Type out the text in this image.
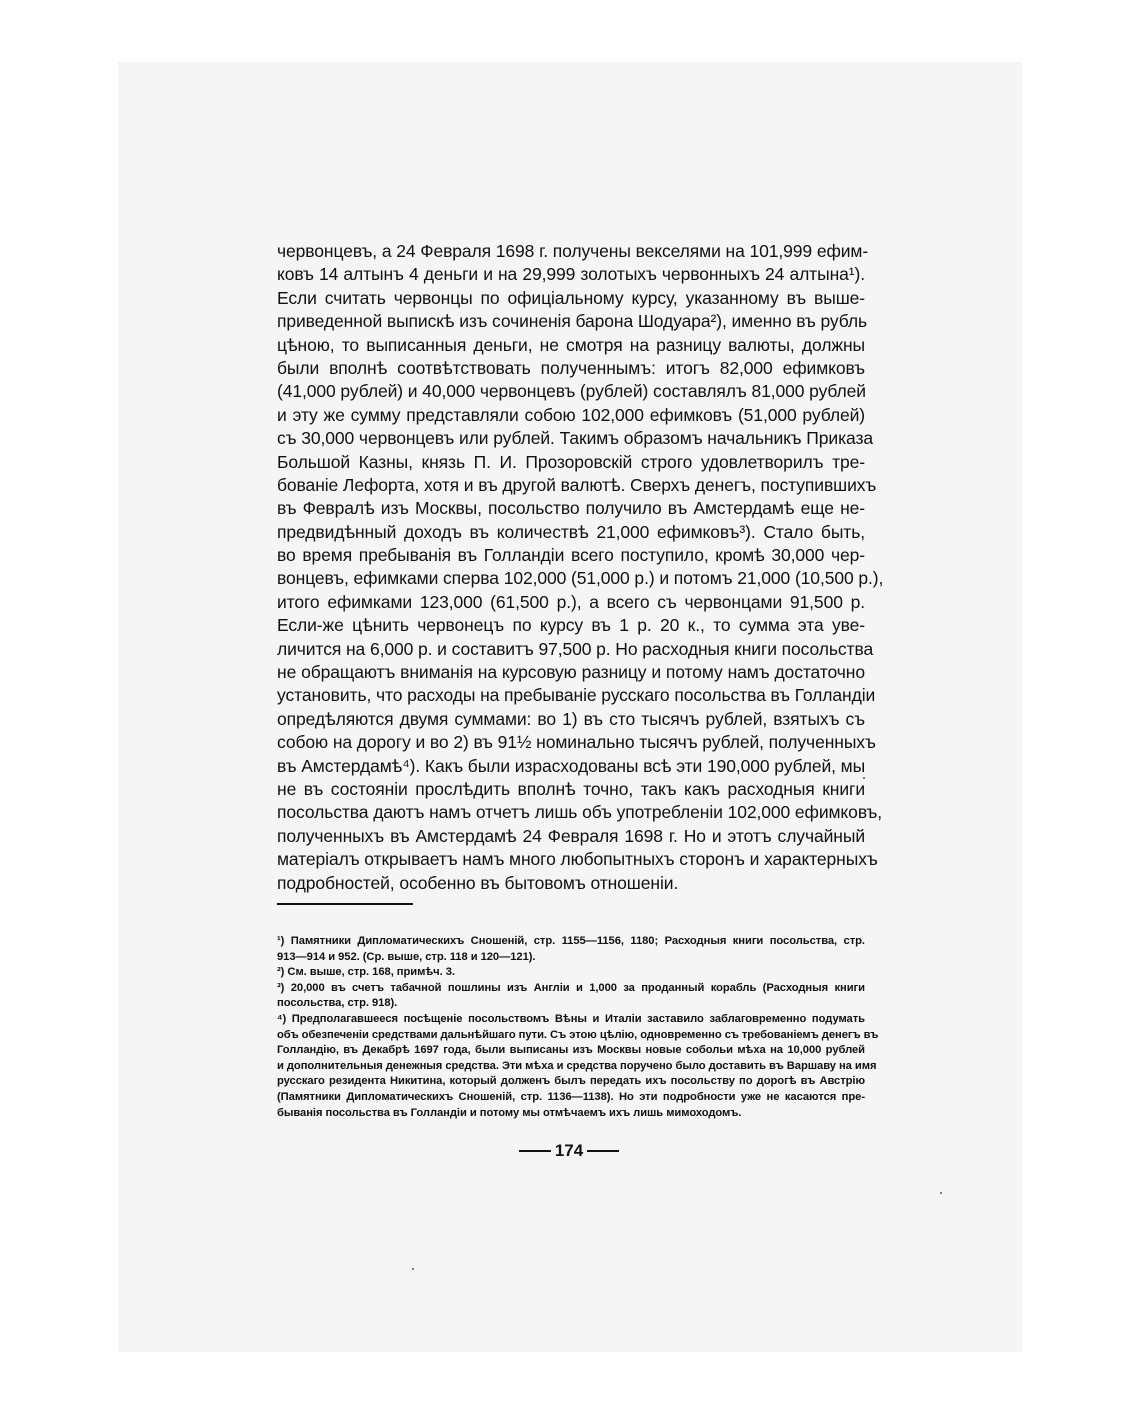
червонцевъ, а 24 Февраля 1698 г. получены векселями на 101,999 ефим-
ковъ 14 алтынъ 4 деньги и на 29,999 золотыхъ червонныхъ 24 алтына¹).
Если считать червонцы по офиціальному курсу, указанному въ выше-
приведенной выпискѣ изъ сочиненія барона Шодуара²), именно въ рубль
цѣною, то выписанныя деньги, не смотря на разницу валюты, должны
были вполнѣ соотвѣтствовать полученнымъ: итогъ 82,000 ефимковъ
(41,000 рублей) и 40,000 червонцевъ (рублей) составлялъ 81,000 рублей
и эту же сумму представляли собою 102,000 ефимковъ (51,000 рублей)
съ 30,000 червонцевъ или рублей. Такимъ образомъ начальникъ Приказа
Большой Казны, князь П. И. Прозоровскій строго удовлетворилъ тре-
бованіе Лефорта, хотя и въ другой валютѣ. Сверхъ денегъ, поступившихъ
въ Февралѣ изъ Москвы, посольство получило въ Амстердамѣ еще не-
предвидѣнный доходъ въ количествѣ 21,000 ефимковъ³). Стало быть,
во время пребыванія въ Голландіи всего поступило, кромѣ 30,000 чер-
вонцевъ, ефимками сперва 102,000 (51,000 р.) и потомъ 21,000 (10,500 р.),
итого ефимками 123,000 (61,500 р.), а всего съ червонцами 91,500 р.
Если-же цѣнить червонецъ по курсу въ 1 р. 20 к., то сумма эта уве-
личится на 6,000 р. и составитъ 97,500 р. Но расходныя книги посольства
не обращаютъ вниманія на курсовую разницу и потому намъ достаточно
установить, что расходы на пребываніе русскаго посольства въ Голландіи
опредѣляются двумя суммами: во 1) въ сто тысячъ рублей, взятыхъ съ
собою на дорогу и во 2) въ 91½ номинально тысячъ рублей, полученныхъ
въ Амстердамѣ⁴). Какъ были израсходованы всѣ эти 190,000 рублей, мы
не въ состояніи прослѣдить вполнѣ точно, такъ какъ расходныя книги
посольства даютъ намъ отчетъ лишь объ употребленіи 102,000 ефимковъ,
полученныхъ въ Амстердамѣ 24 Февраля 1698 г. Но и этотъ случайный
матеріалъ открываетъ намъ много любопытныхъ сторонъ и характерныхъ
подробностей, особенно въ бытовомъ отношеніи.
¹) Памятники Дипломатическихъ Сношеній, стр. 1155—1156, 1180; Расходныя книги посольства, стр.
913—914 и 952. (Ср. выше, стр. 118 и 120—121).
²) См. выше, стр. 168, примѣч. 3.
³) 20,000 въ счетъ табачной пошлины изъ Англіи и 1,000 за проданный корабль (Расходныя книги
посольства, стр. 918).
⁴) Предполагавшееся посѣщеніе посольствомъ Вѣны и Италіи заставило заблаговременно подумать
объ обезпеченіи средствами дальнѣйшаго пути. Съ этою цѣлію, одновременно съ требованіемъ денегъ въ
Голландію, въ Декабрѣ 1697 года, были выписаны изъ Москвы новые собольи мѣха на 10,000 рублей
и дополнительныя денежныя средства. Эти мѣха и средства поручено было доставить въ Варшаву на имя
русскаго резидента Никитина, который долженъ былъ передать ихъ посольству по дорогѣ въ Австрію
(Памятники Дипломатическихъ Сношеній, стр. 1136—1138). Но эти подробности уже не касаются пре-
быванія посольства въ Голландіи и потому мы отмѣчаемъ ихъ лишь мимоходомъ.
174
